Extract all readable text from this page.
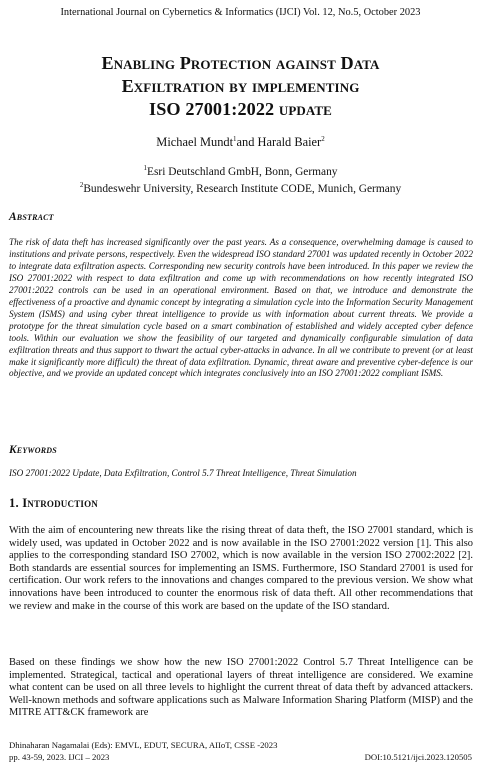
International Journal on Cybernetics & Informatics (IJCI) Vol. 12, No.5, October 2023
Enabling Protection against Data
Exfiltration by implementing
ISO 27001:2022 update
Michael Mundt$^1$and Harald Baier$^2$
$^1$Esri Deutschland GmbH, Bonn, Germany
$^2$Bundeswehr University, Research Institute CODE, Munich, Germany
Abstract
The risk of data theft has increased significantly over the past years. As a consequence, overwhelming damage is caused to institutions and private persons, respectively. Even the widespread ISO standard 27001 was updated recently in October 2022 to integrate data exfiltration aspects. Corresponding new security controls have been introduced. In this paper we review the ISO 27001:2022 with respect to data exfiltration and come up with recommendations on how recently integrated ISO 27001:2022 controls can be used in an operational environment. Based on that, we introduce and demonstrate the effectiveness of a proactive and dynamic concept by integrating a simulation cycle into the Information Security Management System (ISMS) and using cyber threat intelligence to provide us with information about current threats. We provide a prototype for the threat simulation cycle based on a smart combination of established and widely accepted cyber defence tools. Within our evaluation we show the feasibility of our targeted and dynamically configurable simulation of data exfiltration threats and thus support to thwart the actual cyber-attacks in advance. In all we contribute to prevent (or at least make it significantly more difficult) the threat of data exfiltration. Dynamic, threat aware and preventive cyber-defence is our objective, and we provide an updated concept which integrates conclusively into an ISO 27001:2022 compliant ISMS.
Keywords
ISO 27001:2022 Update, Data Exfiltration, Control 5.7 Threat Intelligence, Threat Simulation
1. Introduction
With the aim of encountering new threats like the rising threat of data theft, the ISO 27001 standard, which is widely used, was updated in October 2022 and is now available in the ISO 27001:2022 version [1]. This also applies to the corresponding standard ISO 27002, which is now available in the version ISO 27002:2022 [2]. Both standards are essential sources for implementing an ISMS. Furthermore, ISO Standard 27001 is used for certification. Our work refers to the innovations and changes compared to the previous version. We show what innovations have been introduced to counter the enormous risk of data theft. All other recommendations that we review and make in the course of this work are based on the update of the ISO standard.
Based on these findings we show how the new ISO 27001:2022 Control 5.7 Threat Intelligence can be implemented. Strategical, tactical and operational layers of threat intelligence are considered. We examine what content can be used on all three levels to highlight the current threat of data theft by advanced attackers. Well-known methods and software applications such as Malware Information Sharing Platform (MISP) and the MITRE ATT&CK framework are
Dhinaharan Nagamalai (Eds): EMVL, EDUT, SECURA, AIIoT, CSSE -2023
pp. 43-59, 2023. IJCI – 2023	DOI:10.5121/ijci.2023.120505
